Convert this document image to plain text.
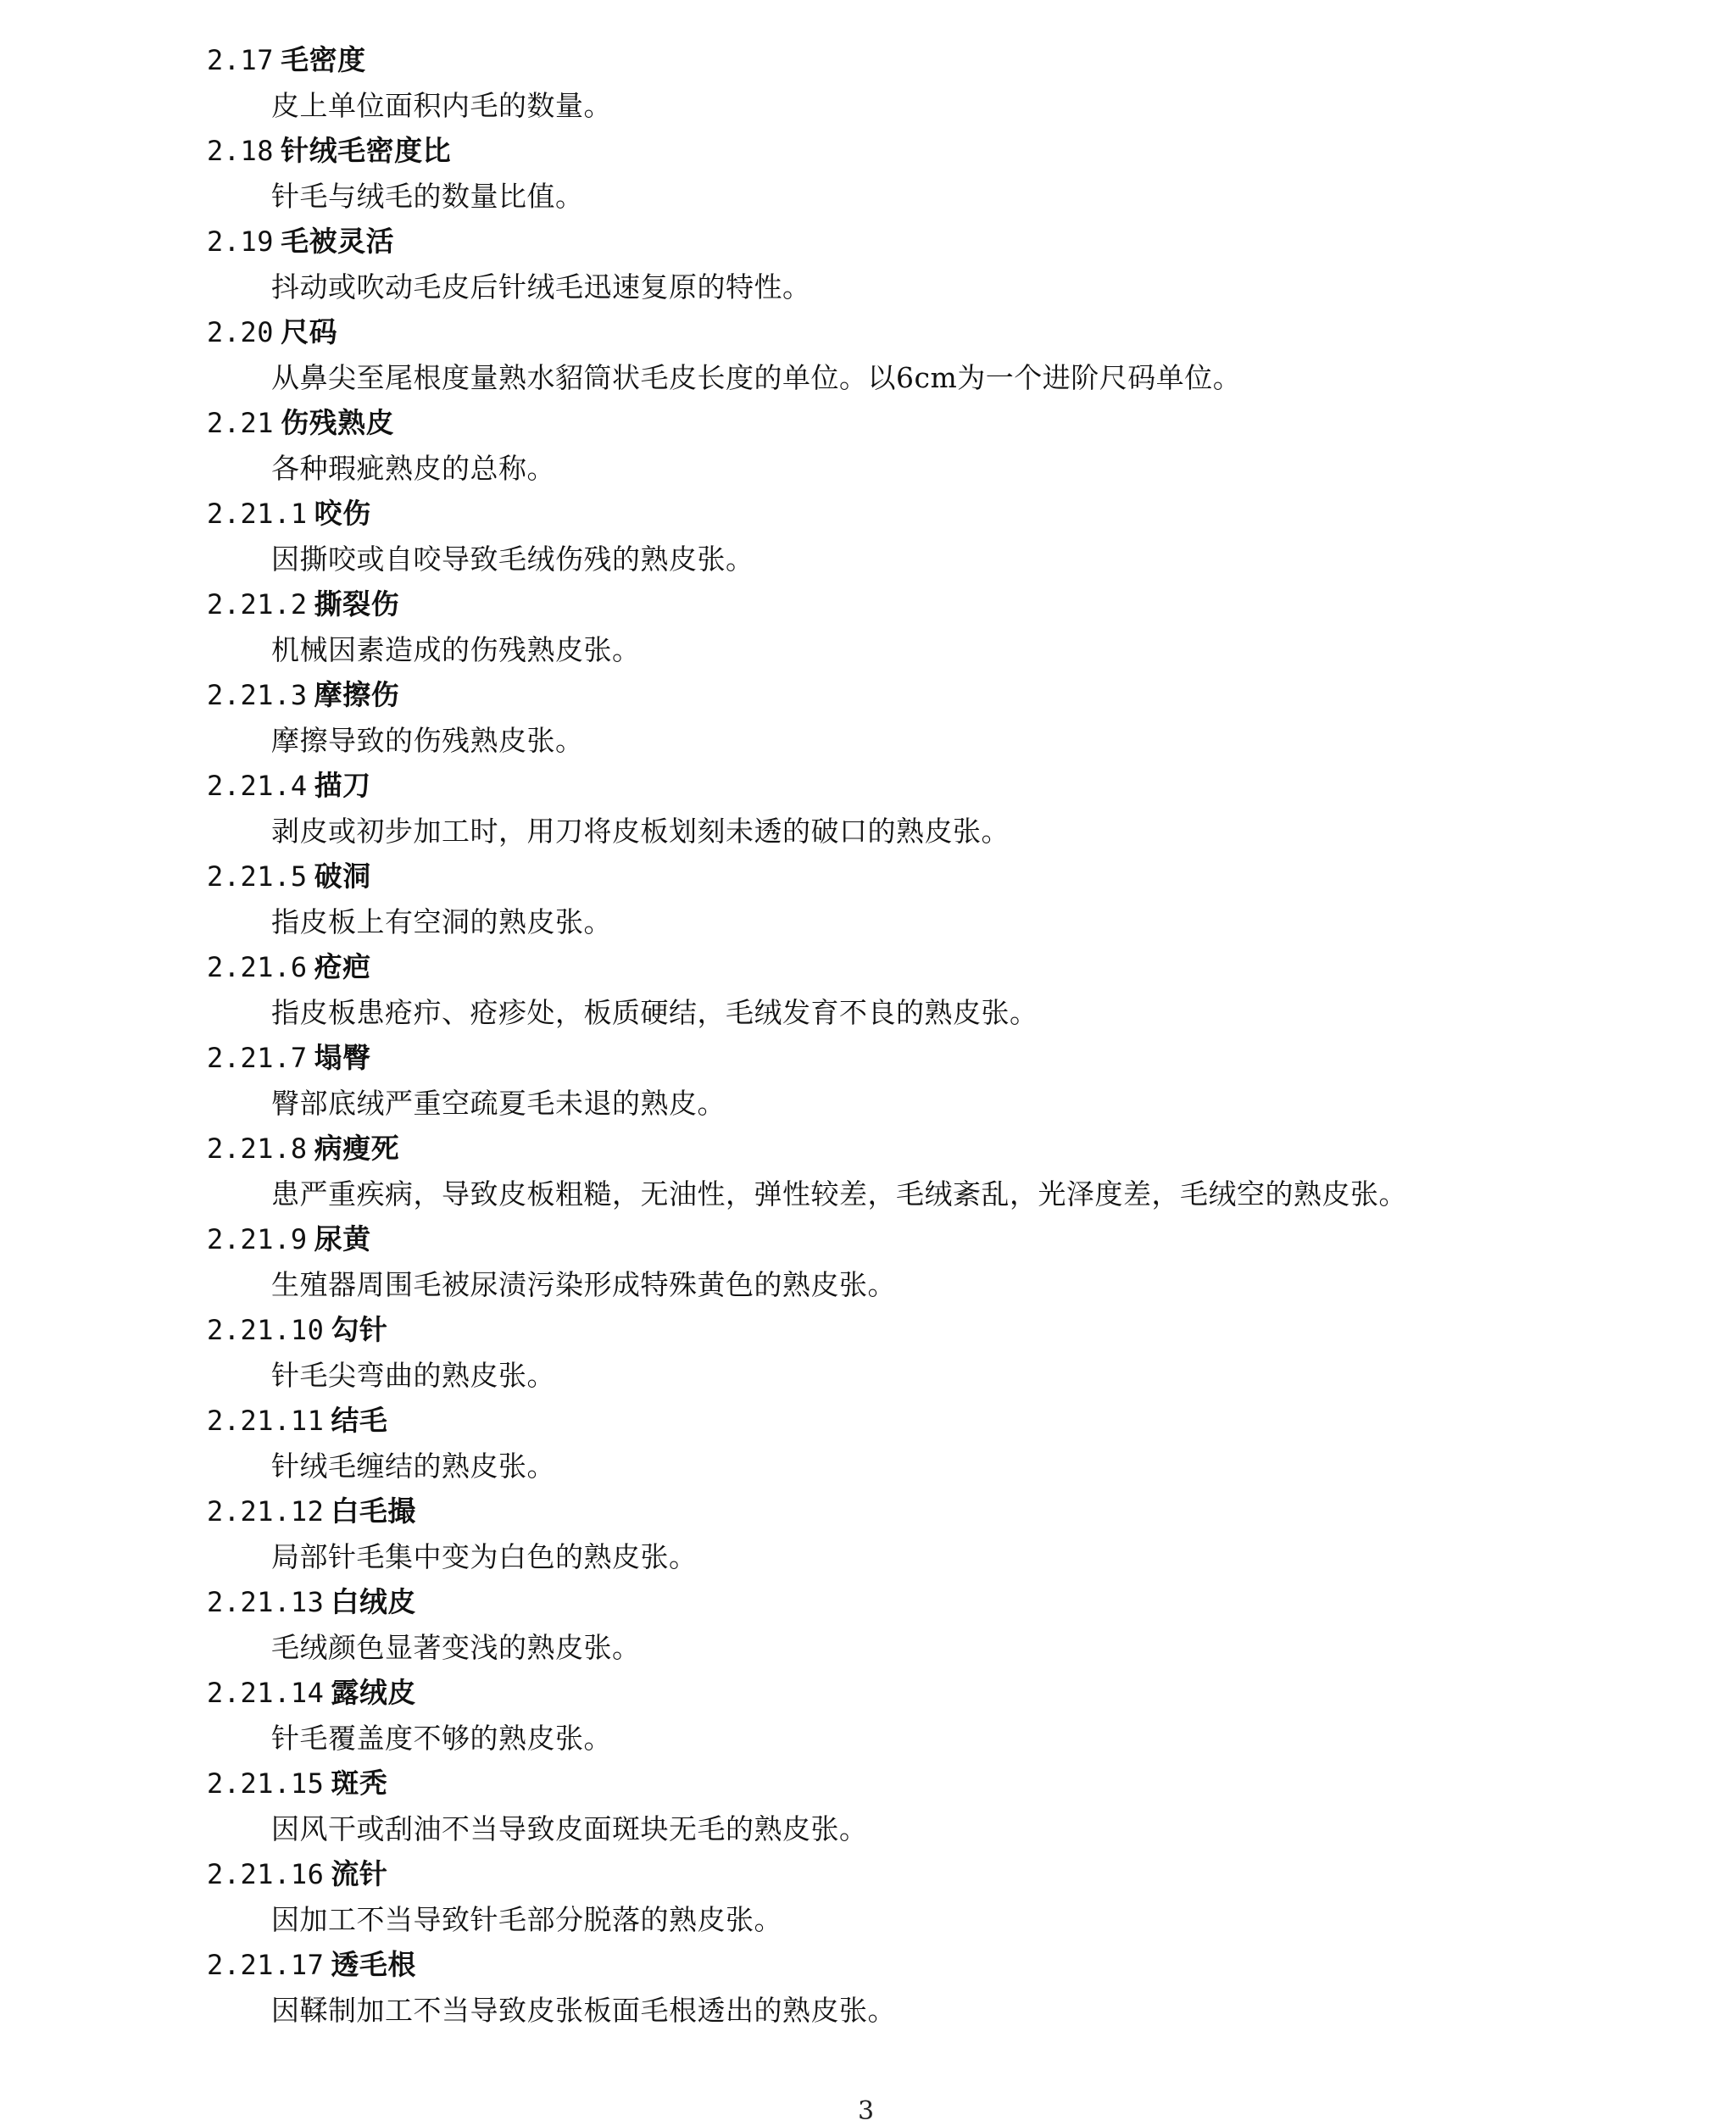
2.17 毛密度
皮上单位面积内毛的数量。
2.18 针绒毛密度比
针毛与绒毛的数量比值。
2.19 毛被灵活
抖动或吹动毛皮后针绒毛迅速复原的特性。
2.20 尺码
从鼻尖至尾根度量熟水貂筒状毛皮长度的单位。以6cm为一个进阶尺码单位。
2.21 伤残熟皮
各种瑕疵熟皮的总称。
2.21.1 咬伤
因撕咬或自咬导致毛绒伤残的熟皮张。
2.21.2 撕裂伤
机械因素造成的伤残熟皮张。
2.21.3 摩擦伤
摩擦导致的伤残熟皮张。
2.21.4 描刀
剥皮或初步加工时，用刀将皮板划刻未透的破口的熟皮张。
2.21.5 破洞
指皮板上有空洞的熟皮张。
2.21.6 疮疤
指皮板患疮疖、疮疹处，板质硬结，毛绒发育不良的熟皮张。
2.21.7 塌臀
臀部底绒严重空疏夏毛未退的熟皮。
2.21.8 病瘦死
患严重疾病，导致皮板粗糙，无油性，弹性较差，毛绒紊乱，光泽度差，毛绒空的熟皮张。
2.21.9 尿黄
生殖器周围毛被尿渍污染形成特殊黄色的熟皮张。
2.21.10 勾针
针毛尖弯曲的熟皮张。
2.21.11 结毛
针绒毛缠结的熟皮张。
2.21.12 白毛撮
局部针毛集中变为白色的熟皮张。
2.21.13 白绒皮
毛绒颜色显著变浅的熟皮张。
2.21.14 露绒皮
针毛覆盖度不够的熟皮张。
2.21.15 斑秃
因风干或刮油不当导致皮面斑块无毛的熟皮张。
2.21.16 流针
因加工不当导致针毛部分脱落的熟皮张。
2.21.17 透毛根
因鞣制加工不当导致皮张板面毛根透出的熟皮张。
3
